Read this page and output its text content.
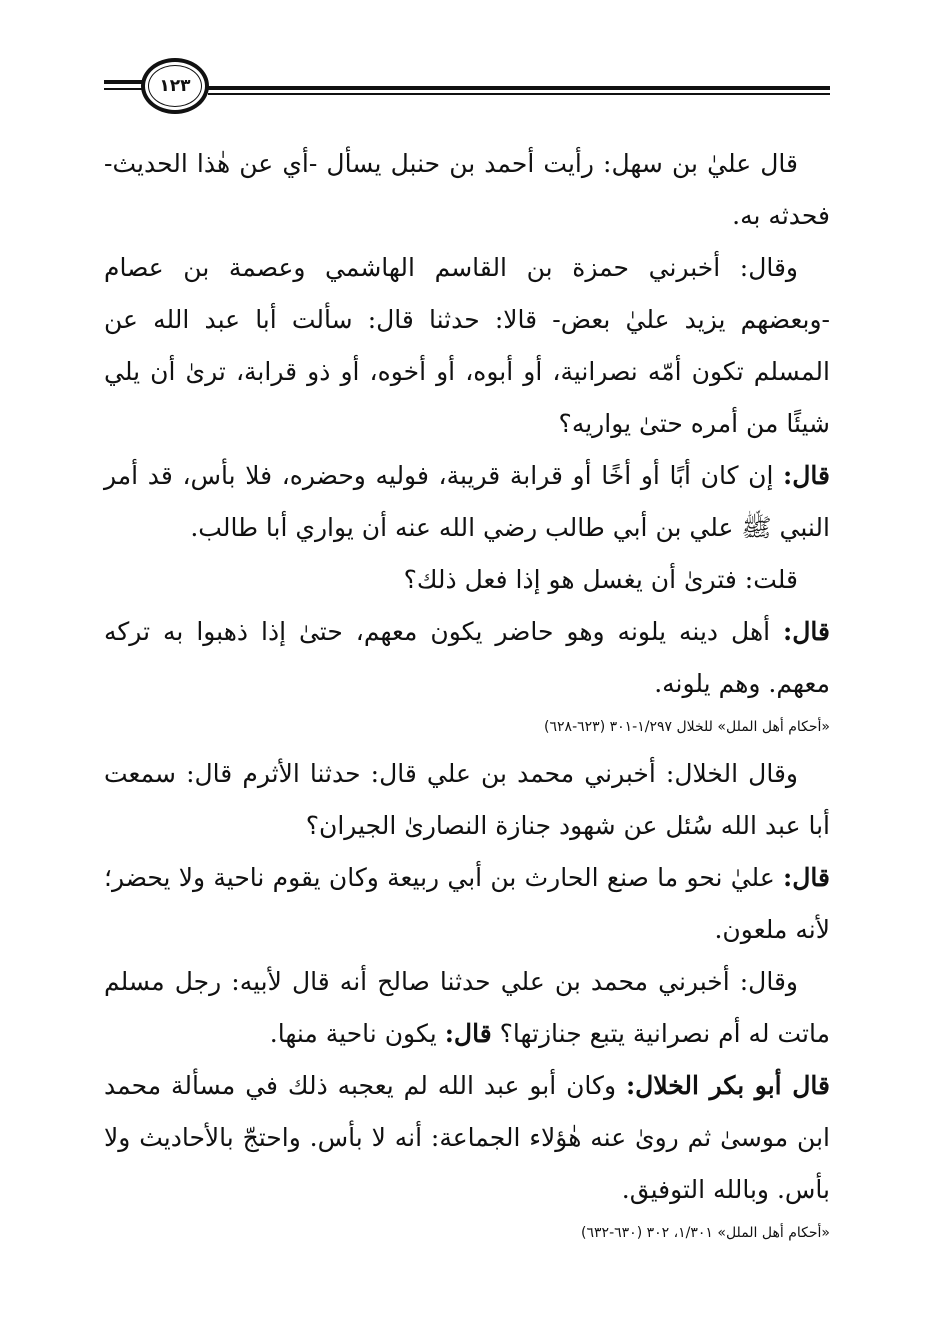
١٢٣

قال عليٰ بن سهل: رأيت أحمد بن حنبل يسأل -أي عن هٰذا الحديث- فحدثه به.

وقال: أخبرني حمزة بن القاسم الهاشمي وعصمة بن عصام -وبعضهم يزيد عليٰ بعض- قالا: حدثنا قال: سألت أبا عبد الله عن المسلم تكون أمّه نصرانية، أو أبوه، أو أخوه، أو ذو قرابة، ترىٰ أن يلي شيئًا من أمره حتىٰ يواريه؟

قال: إن كان أبًا أو أخًا أو قرابة قريبة، فوليه وحضره، فلا بأس، قد أمر النبي ﷺ علي بن أبي طالب رضي الله عنه أن يواري أبا طالب.

قلت: فترىٰ أن يغسل هو إذا فعل ذلك؟

قال: أهل دينه يلونه وهو حاضر يكون معهم، حتىٰ إذا ذهبوا به تركه معهم. وهم يلونه.

«أحكام أهل الملل» للخلال ١/٢٩٧-٣٠١ (٦٢٣-٦٢٨)

وقال الخلال: أخبرني محمد بن علي قال: حدثنا الأثرم قال: سمعت أبا عبد الله سُئل عن شهود جنازة النصارىٰ الجيران؟

قال: عليٰ نحو ما صنع الحارث بن أبي ربيعة وكان يقوم ناحية ولا يحضر؛ لأنه ملعون.

وقال: أخبرني محمد بن علي حدثنا صالح أنه قال لأبيه: رجل مسلم ماتت له أم نصرانية يتبع جنازتها؟ قال: يكون ناحية منها.

قال أبو بكر الخلال: وكان أبو عبد الله لم يعجبه ذلك في مسألة محمد ابن موسىٰ ثم روىٰ عنه هٰؤلاء الجماعة: أنه لا بأس. واحتجّ بالأحاديث ولا بأس. وبالله التوفيق.

«أحكام أهل الملل» ١/٣٠١، ٣٠٢ (٦٣٠-٦٣٢)
